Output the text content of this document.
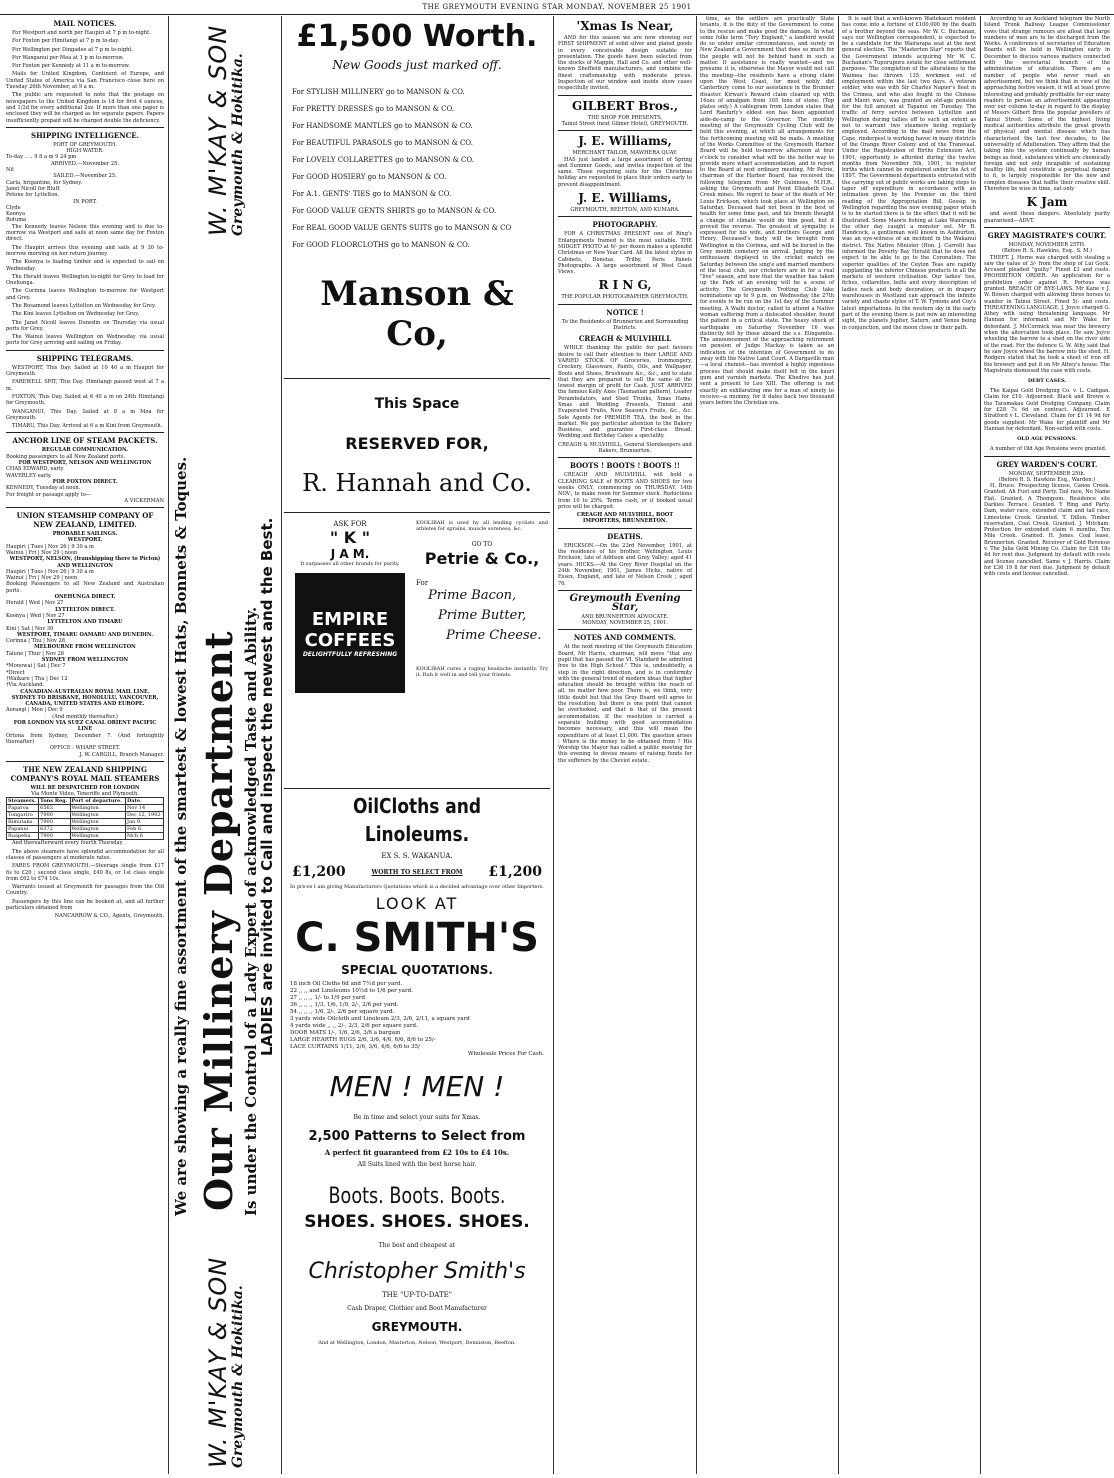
THE GREYMOUTH EVENING STAR MONDAY, NOVEMBER 25 1901
MAIL NOTICES.

For Westport and north per Haupiri at 7 p m to-night.

For Foxton per Himitangi at 7 p m to-day.

For Wellington per Dingadee at 7 p m to-night.

For Wanganui per Moa at 1 p m to-morrow.

For Foxton per Kennedy at 11 a m to-morrow.

Mails for United Kingdom, Continent of Europe, and United States of America via San Francisco close here on Tuesday 26th November, at 9 a m.

The public are requested to note that the postage on newspapers to the United Kingdom is 1d for first 4 ounces, and 1/2d for every additional 2oz. If more than one paper is enclosed they will be charged as for separate papers. Papers insufficiently prepaid will be charged double the deficiency.

SHIPPING INTELLIGENCE.
PORT OF GREYMOUTH.
HIGH WATER.
To-day .. .. 9 8 a m 9 24 pm
ARRIVED.—November 25.
Nil
SAILED.—November 25.
Carla, brigantine, for Sydney.
Janet Nicoll for Bluff.
Petone for Lyttelton.
IN PORT.
Clyde
Koonya
Rotuma

The Kennedy leaves Nelson this evening and is due to-morrow via Westport and sails at noon same day for Foxton direct.

The Haupiri arrives this evening and sails at 9 30 to-morrow morning on her return journey.

The Koonya is loading timber and is expected to sail on Wednesday.

The Herald leaves Wellington to-night for Grey to load for Onehunga.

The Corinna leaves Wellington to-morrow for Westport and Grey.

The Rosamond leaves Lyttelton on Wednesday for Grey.

The Kini leaves Lyttelton on Wednesday for Grey.

The Janet Nicoll leaves Dunedin on Thursday via usual ports for Grey.

The Wainui leaves Wellington on Wednesday via usual ports for Grey arriving and sailing on Friday.

SHIPPING TELEGRAMS.

WESTPORT, This Day. Sailed at 10 40 a m Haupiri for Greymouth.

FAREWELL SPIT, This Day. Himitangi passed west at 7 a m.

FOXTON, This Day. Sailed at 6 40 a m on 24th Himitangi for Greymouth.

WANGANUI, This Day. Sailed at 8 a m Moa for Greymouth.

TIMARU, This Day. Arrived at 6 a m Kini from Greymouth.

ANCHOR LINE OF STEAM PACKETS.
REGULAR COMMUNICATION.
Booking passengers to all New Zealand ports.
FOR WESTPORT, NELSON AND WELLINGTON
CHAS EDWARD, early
WAVERLEY early.
FOR FOXTON DIRECT.
KENNEDY, Tuesday at noon.
For freight or passage apply to—
A VICKERMAN
UNION STEAMSHIP COMPANY OF NEW ZEALAND, LIMITED.
PROBABLE SAILINGS.
WESTPORT.
Haupiri | Tues | Nov 26 | 9 30 a m
Wainui | Fri | Nov 29 | noon
WESTPORT, NELSON, (transhipping there to Picton) AND WELLINGTON
Haupiri | Tues | Nov 26 | 9 30 a m
Wainui | Fri | Nov 29 | noon
Booking Passengers to all New Zealand and Australian ports.
ONEHUNGA DIRECT.
Herald | Wed | Nov 27
LYTTELTON DIRECT.
Koonya | Wed | Nov 27
LYTTELTON AND TIMARU
Kini | Sat | Nov 30
WESTPORT, TIMARU OAMARU AND DUNEDIN.
Corinna | Thu | Nov 28
MELBOURNE FROM WELLINGTON
Talune | Thur | Nov 28
SYDNEY FROM WELLINGTON
*Monowai | Sat | Dec 7
*Direct
†Waikare | Thu | Dec 12
†Via Auckland.
CANADIAN-AUSTRALIAN ROYAL MAIL LINE.
SYDNEY TO BRISBANE, HONOLULU, VANCOUVER, CANADA, UNITED STATES AND EUROPE.
Aorangi | Mon | Dec 9
(And monthly thereafter.)
FOR LONDON VIA SUEZ CANAL ORIENT PACIFIC LINE
Ortona from Sydney, December 7. (And fortnightly thereafter)
OFFICE : WHARF STREET.
J. W. CARGILL, Branch Manager.
THE NEW ZEALAND SHIPPING COMPANY'S ROYAL MAIL STEAMERS
WILL BE DESPATCHED FOR LONDON
Via Monte Video, Teneriffe and Plymouth.
Steamers.	Tons Reg.	Port of departure.	Date.
Paparoa	6563	Wellington	Nov 14
Tongariro	7900	Wellington	Dec 12, 1902
Rimutaka	7900	Wellington	Jan 9.
Papanui	6372	Wellington	Feb 6.
Ruapehu	7900	Wellington	Mch 6

And thereafterward every fourth Thursday.

The above steamers have splendid accommodation for all classes of passengers at moderate rates.

FARES FROM GREYMOUTH.—Steerage single from £17 6s to £20 ; second class single, £40 8s, or 1st class single from £62 to £74 10s.

Warrants issued at Greymouth for passages from the Old Country.

Passengers by this line can be booked at, and all further particulars obtained from

NANCARROW & CO., Agents, Greymouth.
W. M'KAY & SON
Greymouth & Hokitika.
We are showing a really fine assortment of the smartest & lowest Hats, Bonnets & Toques. Our Millinery Department Is under the Control of a Lady Expert of acknowledged Taste and Ability.
LADIES are invited to Call and inspect the newest and the Best.
W. M'KAY & SON
Greymouth & Hokitika.
£1,500 Worth.
New Goods just marked off.
For STYLISH MILLINERY go to MANSON & CO.
For PRETTY DRESSES go to MANSON & CO.
For HANDSOME MANTLES go to MANSON & CO.
For BEAUTIFUL PARASOLS go to MANSON & CO.
For LOVELY COLLARETTES go to MANSON & CO.
For GOOD HOSIERY go to MANSON & CO.
For A.1. GENTS' TIES go to MANSON & CO.
For GOOD VALUE GENTS SHIRTS go to MANSON & CO.
For REAL GOOD VALUE GENTS SUITS go to MANSON & CO
For GOOD FLOORCLOTHS go to MANSON & CO.
Manson & Co,
This Space
RESERVED FOR,
R. Hannah and Co.
ASK FOR
" K "
J A M.
It surpasses all other brands for purity.
EMPIRE
COFFEES
DELIGHTFULLY REFRESHING
KOOLIBAH is used by all leading cyclists and athletes for sprains, muscle soreness, &c.
GO TO
Petrie & Co.,
For
Prime Bacon,
Prime Butter,
Prime Cheese.
KOOLIBAH cures a raging headache instantly. Try it. Rub it well in and tell your friends.
OilCloths and Linoleums.
EX S. S. WAKANUA.
£1,200	WORTH TO SELECT FROM £1,200
In prices I am giving Manufacturers Quotations which is a decided advantage over other Importers.
LOOK AT
C. SMITH'S
SPECIAL QUOTATIONS.
18 inch Oil Cloths 6d and 7½d per yard.
22 ,, ,, and Linoleums 10½d to 1/6 per yard.
27 ,, ,, ,, 1/- to 1/9 per yard
36 ,, ,, ,, 1/3, 1/6, 1/9, 2/-, 2/6 per yard.
54 ,, ,, ,, 1/6, 2/-, 2/6 per square yard.
3 yards wide Oilcloth and Linoleum 2/3, 2/6, 2/11, a square yard
4 yards wide ,, ,, 2/-, 2/3, 2/6 per square yard.
DOOR MATS 1/-, 1/6, 2/6, 3/6 a bargain
LARGE HEARTH RUGS 2/6, 3/6, 4/6, 6/6, 8/6 to 25/-
LACE CURTAINS 1/11, 2/6, 3/6, 4/6, 6/6 to 35/
Wholesale Prices For Cash.
MEN ! MEN !
Be in time and select your suits for Xmas.
2,500 Patterns to Select from
A perfect fit guaranteed from £2 10s to £4 10s.
All Suits lined with the best horse hair.
Boots. Boots. Boots.
SHOES. SHOES. SHOES.
The best and cheapest at
Christopher Smith's
THE "UP-TO-DATE"
Cash Draper, Clothier and Boot Manufacturer
GREYMOUTH.
And at Wellington, London, Masterton, Nelson, Westport, Denniston, Reefton.
'Xmas Is Near,

AND for this season we are now showing our FIRST SHIPMENT of solid silver and plated goods in every conceivable design suitable for presentation. The goods have been selected from the stocks of Mappin, Hall and Co. and other well-known Sheffield manufacturers, and combine the finest craftsmanship with moderate prices. Inspection of our window and inside show cases respectfully invited.

GILBERT Bros.,
THE SHOP FOR PRESENTS,
Tainui Street (next Gilmer Hotel), GREYMOUTH.
J. E. Williams,
MERCHANT TAILOR, MAWHERA QUAY.

HAS just landed a large assortment of Spring and Summer Goods, and invites inspection of the same. Those requiring suits for the Christmas holiday are requested to place their orders early to prevent disappointment.

J. E. Williams,
GREYMOUTH, REEFTON, AND KUMARA.
PHOTOGRAPHY.

FOR A CHRISTMAS PRESENT one of Ring's Enlargements framed is the most suitable. THE MIDGET PHOTO at 6/- per dozen makes a splendid Christmas or New Year Card. All the latest styles in Cabinets, Bonetas, Trilby, Paris Panels Photographs. A large assortment of West Coast Views.

R I N G,
THE POPULAR PHOTOGRAPHER GREYMOUTH.
NOTICE !
To the Residents of Brunnerton and Surrounding Districts.
CREAGH & MULVIHILL

WHILE thanking the public for past favours desire to call their attention to their LARGE AND VARIED STOCK OF Groceries, Ironmongery, Crockery, Glassware, Paints, Oils, and Wallpaper, Boots and Shoes, Brushware &c., &c., and to state that they are prepared to sell the same at the lowest margin of profit for Cash. JUST ARRIVED the famous Kolly Axes (Tasmanian pattern), Loader Perambulators, and Steel Trunks, Xmas Hams, Xmas and Wedding Presents, Tinned and Evaporated Fruits, New Season's Fruits, &c., &c. Sole Agents for PREMIER TEA, the best in the market. We pay particular attention to the Bakery Business, and guarantee First-class Bread. Wedding and Birthday Cakes a speciality.

CREAGH & MULVIHILL, General Storekeepers and Bakers, Brunnerton.
BOOTS ! BOOTS ! BOOTS !!

CREAGH AND MULVIHILL will hold a CLEARING SALE of BOOTS AND SHOES for two weeks ONLY, commencing on THURSDAY, 14th NOV., to make room for Summer stock. Reductions from 10 to 25%. Terms cash, or if booked usual price will be charged.

CREAGH AND MULVIHILL, BOOT IMPORTERS, BRUNNERTON.
DEATHS.

ERICKSON.—On the 23rd November, 1901, at the residence of his brother, Wellington, Louis Erickson, late of Addison and Grey Valley; aged 41 years. HICKS.—At the Grey River Hospital on the 24th November, 1901, James Hicks, native of Essex, England, and late of Nelson Creek ; aged 76.

Greymouth Evening Star,
AND BRUNNERTON ADVOCATE.
MONDAY, NOVEMBER 25, 1901.
NOTES AND COMMENTS.

At the next meeting of the Greymouth Education Board, Mr Harris, chairman, will move "that any pupil that has passed the VI. Standard be admitted free to the High School." This is, undoubtedly, a step in the right direction, and is in conformity with the general trend of modern ideas that higher education should be brought within the reach of all, no matter how poor. There is, we think, very little doubt but that the Grey Board will agree to the resolution, but there is one point that cannot be overlooked, and that is that of the present accommodation. If the resolution is carried a separate building with good accommodation becomes necessary, and this will mean the expenditure of at least £1,000. The question arises : Where is the money to be obtained from ? His Worship the Mayor has called a public meeting for this evening to devise means of raising funds for the sufferers by the Cheviot estate.

time, as the settlers are practically State tenants, it is the duty of the Government to come to the rescue and make good the damage. In what some folks term "Tory England," a landlord would do so under similar circumstances, and surely in New Zealand a Government that does so much for the people will not be behind hand in such a matter. If assistance is really wanted—and we presume it is, otherwise the Mayor would not call the meeting—the residents have a strong claim upon the West Coast, for most nobly did Canterbury come to our assistance in the Brunner disaster. Kirwan's Reward claim cleaned up with 16ozs of amalgam from 105 tons of stone. (Top plates only.) A cablegram from London states that Lord Ranfurly's eldest son has been appointed aide-de-camp to the Governor. The monthly meeting of the Greymouth Cycling Club will be held this evening, at which all arrangements for the forthcoming meeting will be made. A meeting of the Works Committee of the Greymouth Harbor Board will be held to-morrow afternoon at four o'clock to consider what will be the better way to provide more wharf accommodation, and to report to the Board at next ordinary meeting. Mr Petrie, chairman of the Harbor Board, has received the following telegram from Mr Guinness, M.H.R., asking the Greymouth and Point Elizabeth Coal Creek mines. We regret to hear of the death of Mr Louis Erickson, which took place at Wellington on Saturday. Deceased had not been in the best of health for some time past, and his friends thought a change of climate would do him good, but it proved the reverse. The greatest of sympathy is expressed for his wife, and brothers George and Henry. Deceased's body will be brought from Wellington in the Corinna, and will be buried in the Grey month cemetery on arrival. Judging by the enthusiasm displayed in the cricket match on Saturday between the sing'e and married members of the local club, our cricketers are in for a real "live" season, and now that the weather has taken up the Park of an evening will be a scene of activity. The Greymouth Trotting Club take nominations up to 9 p.m. on Wednesday the 27th for events to be run on the 1st day of the Summer meeting. A Waihi doctor, called to attend a Native woman suffering from a dislocated shoulder, found the patient in a critical state. The heavy shock of earthquake on Saturday November 16 was distinctly felt by those aboard the s.s. Elingamite. The announcement of the approaching retirement on pension of Judge Mackay is taken as an indication of the intention of Government to do away with the Native Land Court. A Dargaville man—a local chemist—has invented a highly ingenious process that should make itself felt in the kauri gum and varnish markets. The Khedive has just sent a present to Leo XIII. The offering is not exactly an exhilarating one for a man of ninety to receive—a mummy, for it dates back two thousand years before the Christian era.

It is said that a well-known Waitekauri resident has come into a fortune of £100,000 by the death of a brother beyond the seas. Mr W. C. Buchanan, says our Wellington correspondent, is expected to be a candidate for the Wairarapa seat at the next general election. The "Masterton Star" reports that the Government intends acquiring Mr W. C. Buchanan's Tupurupuru estate for close settlement purposes. The completion of the alterations to the Waimea has thrown 135 workmen out of employment within the last two days. A veteran soldier, who was with Sir Charles Napier's fleet in the Crimea, and who also fought in the Chinese and Maori wars, was granted an old-age pension for the full amount at Tapanui on Tuesday. The traffic of ferry service between Lyttelton and Wellington during tallies off to such an extent as not to warrant two steamers being regularly employed. According to the mail news from the Cape, rinderpest is working havoc in many districts of the Orange River Colony and of the Transvaal. Under the Registration of Births Extension Act, 1901, opportunity is afforded during the twelve months from November 5th, 1901, to register births which cannot be registered under the Act of 1897. The Government departments entrusted with the carrying out of public works are taking steps to taper off expenditure in accordance with an intimation given by the Premier on the third reading of the Appropriation Bill. Gossip in Wellington regarding the new evening paper which is to be started there is to the effect that it will be illustrated. Some Maoris fishing at Lake Wairarapa the other day caught a monster eel. Mr R. Handcock, a gentleman well known in Ashburton, was an eye-witness of an incident in the Wakanui district. The Native Minister (Hon. J. Carroll) has informed the Poverty Bay Herald that he does not expect to be able to go to the Coronation. The superior qualities of the Ceylon Teas are rapidly supplanting the inferior Chinese products in all the markets of western civilisation. Our ladies' ties, fichus, collarettes, belts and every description of ladies neck and body decoration, or in drapery warehouses in Westland can approach the infinite variety and chaste styles of T. W. Tymons and Coy's latest importations. In the western sky in the early part of the evening there is just now an interesting sight, the planets Jupiter, Saturn, and Venus being in conjunction, and the moon close in their path.

According to an Auckland telegram the North Island Trunk Railway League Commissioner vows that strange rumours are afloat that large numbers of men are to be discharged from the Works. A conference of secretaries of Education Boards will be held in Wellington early in December to discuss various matters connected with the secretarial branch of the administration of education. There are a number of people who never read an advertisement, but we think that in view of the approaching festive season, it will at least prove interesting and probably profitable for our many readers to peruse an advertisement appearing over our column to-day in regard to the display of Messrs Gilbert Bros the popular jewellers of Tainui Street. Some of the highest living medical authorities attribute the great growth of physical and mental disease which has characterised the last few decades, to the universality of Adulteration. They affirm that the taking into the system continually by human beings as food, substances which are chemically foreign and not only incapable of sustaining healthy life, but constitute a perpetual danger to it, is largely responsible for the new and complex diseases that baffle their creative skill. Therefore be wise in time, eat only

K Jam

and avoid these dangers. Absolutely purity guaranteed—ADVT.

GREY MAGISTRATE'S COURT.
MONDAY, NOVEMBER 25TH.
(Before R. S. Hawkins, Esq., S. M.)

THEFT. J. Horne was charged with stealing a saw the value of 3/- from the shop of Lui Gock. Accused pleaded "guilty." Fined £3 and costs. PROHIBITION ORDER. An application for a prohibition order against R. Portous was granted. BREACH OF BYE-LAWS. Mr Kane v J. W. Bowen charged with allowing three horses to wander in Tainui Street. Fined 5/- and costs. THREATENING LANGUAGE. J. Joyce charged G. Athey with using threatening language. Mr Hannan for informant and Mr Wake for defendant. J. McCormick was near the brewery when the altercation took place. He saw Joyce wheeling the barrow to a shed on the river side of the road. For the defence G. W. Athy said that he saw Joyce wheel the barrow into the shed. H. Rodgers stated that he took a sheet of iron off the brewery and put it on Mr Athey's house. The Magistrate dismissed the case with costs.

DEBT CASES.

The Kaipai Gold Dredging Co. v. L. Cadigan. Claim for £10. Adjourned. Black and Brown v. the Taramakau Gold Dredging Company. Claim for £28 7s 6d on contract. Adjourned. E Stratford v L. Cleveland. Claim for £1 14 9d for goods supplied. Mr Wake for plaintiff and Mr Hannan for defendant. Non-suited with costs.

OLD AGE PENSIONS.

A number of Old Age Pensions were granted.

GREY WARDEN'S COURT.
MONDAY, SEPTEMBER 25th.
(Before R. S. Hawkins Esq., Warden.)

H. Bruce. Prospecting license, Canoe Creek. Granted. Ah Fuet and Party. Tail race, No Name Flat. Granted. A Thompson. Residence site Darkies Terrace. Granted. Y Ring and Party. Dam, water race, extended claim and tail race, Limestone Creek. Granted. T. Dillon. Timber reservation, Coal Creek. Granted. J. Mitcham. Protection for extended claim 6 months, Ten Mile Creek. Granted. H. Jones. Coal lease, Brunnerton. Granted. Receiver of Gold Revenue v. The Julia Gold Mining Co. Claim for £38 18s 4d for rent due. Judgment by default with costs and license cancelled. Same v J. Harris. Claim for £36 19 8 for rent due. Judgment by default with costs and license cancelled.
